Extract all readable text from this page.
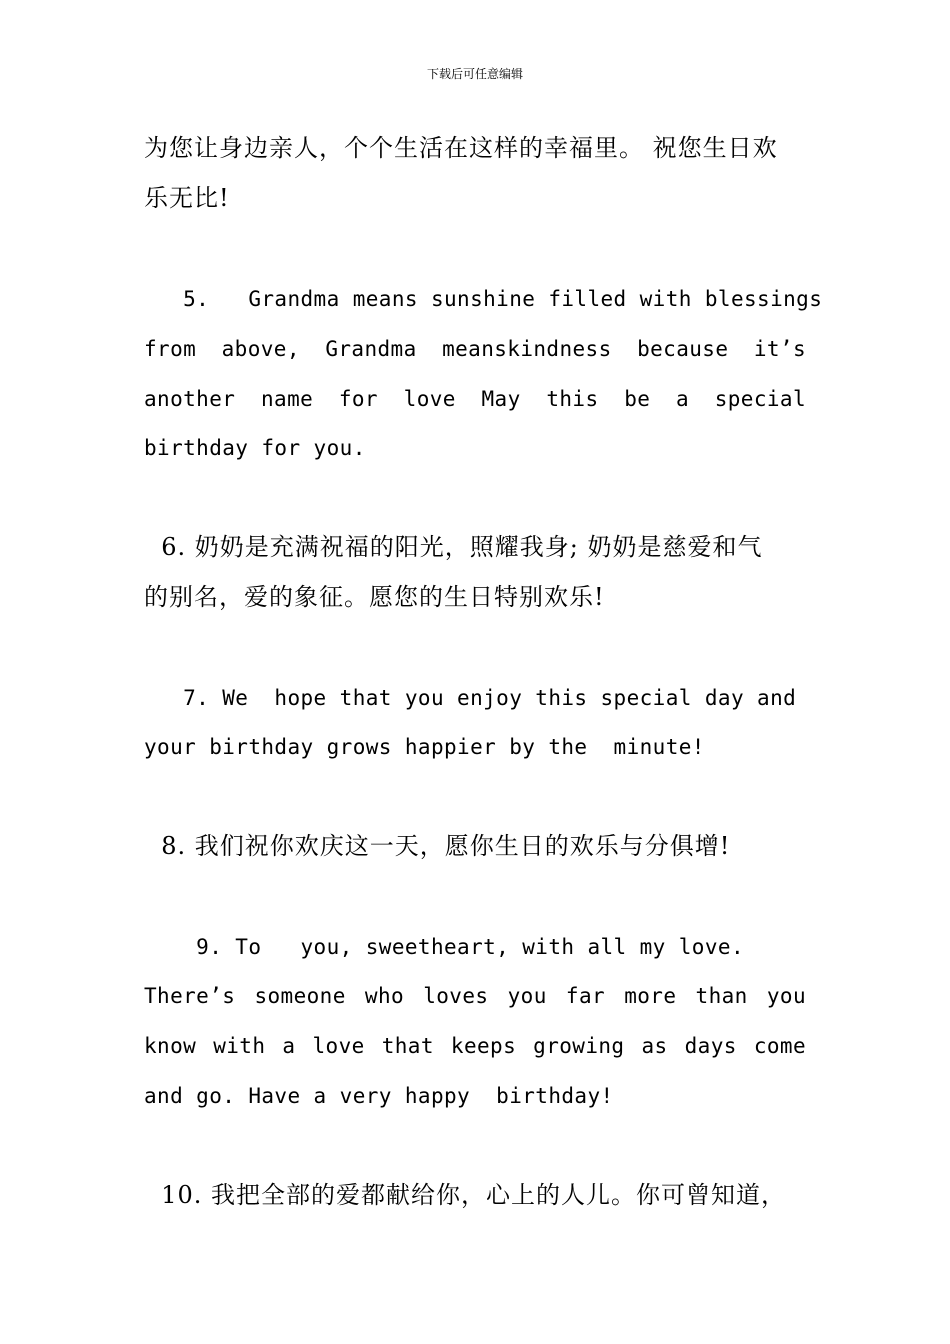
下载后可任意编辑
为您让身边亲人，个个生活在这样的幸福里。 祝您生日欢
乐无比!
5.   Grandma means sunshine filled with blessings
from above, Grandma meanskindness because it’s
another name for love May this be a special
birthday for you.
6. 奶奶是充满祝福的阳光，照耀我身; 奶奶是慈爱和气
的别名，爱的象征。愿您的生日特别欢乐!
7. We  hope that you enjoy this special day and
your birthday grows happier by the  minute!
8. 我们祝你欢庆这一天，愿你生日的欢乐与分俱增!
9. To   you, sweetheart, with all my love.
There’s someone who loves you far more than you
know with a love that keeps growing as days come
and go. Have a very happy  birthday!
10. 我把全部的爱都献给你，心上的人儿。你可曾知道，
